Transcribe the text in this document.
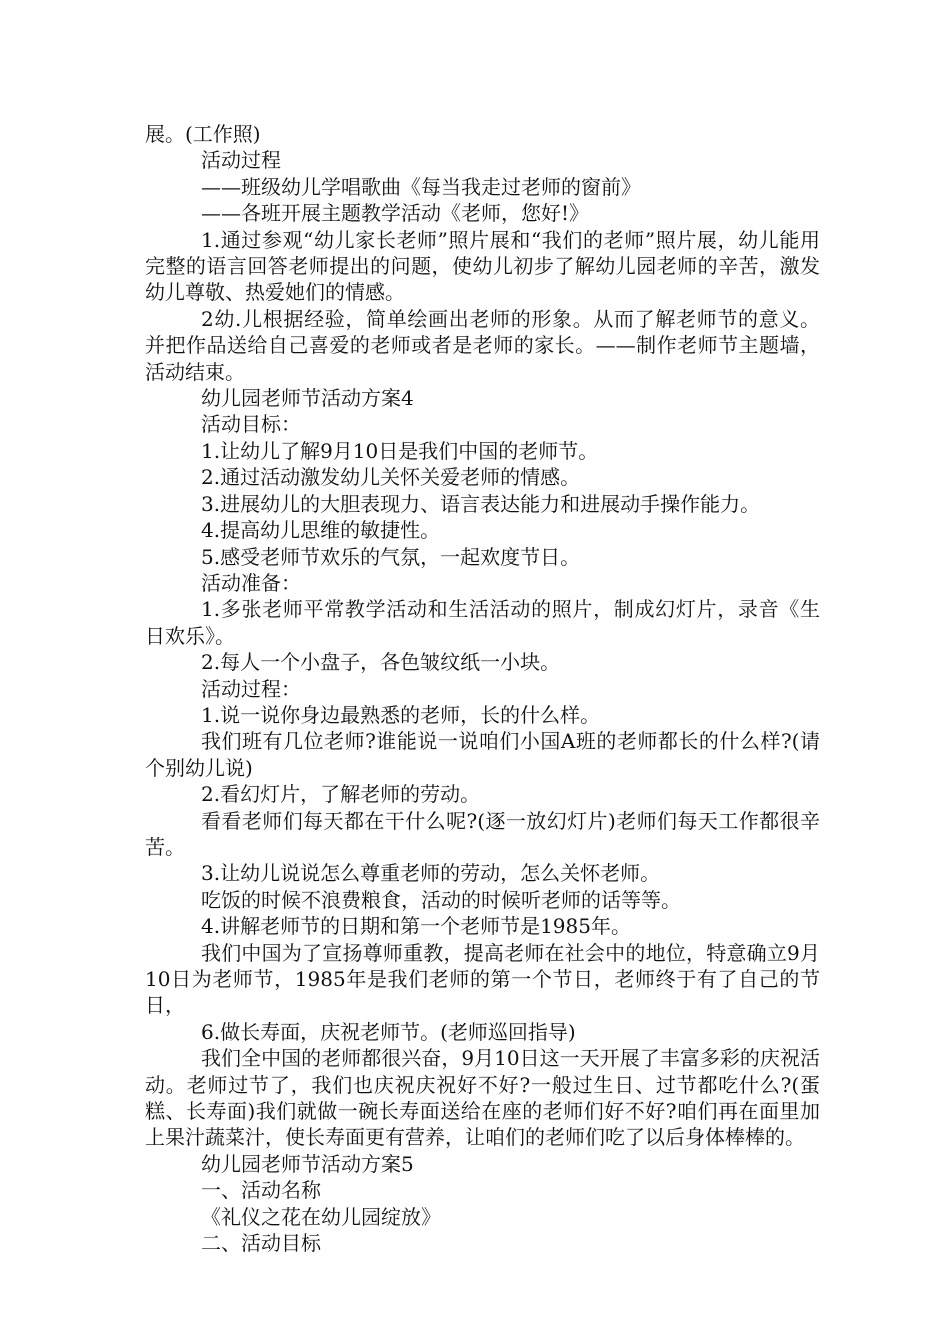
展。(工作照)

活动过程

——班级幼儿学唱歌曲《每当我走过老师的窗前》

——各班开展主题教学活动《老师，您好!》

1.通过参观“幼儿家长老师”照片展和“我们的老师”照片展，幼儿能用完整的语言回答老师提出的问题，使幼儿初步了解幼儿园老师的辛苦，激发幼儿尊敬、热爱她们的情感。

2幼.儿根据经验，简单绘画出老师的形象。从而了解老师节的意义。并把作品送给自己喜爱的老师或者是老师的家长。——制作老师节主题墙，活动结束。

幼儿园老师节活动方案4

活动目标：

1.让幼儿了解9月10日是我们中国的老师节。

2.通过活动激发幼儿关怀关爱老师的情感。

3.进展幼儿的大胆表现力、语言表达能力和进展动手操作能力。

4.提高幼儿思维的敏捷性。

5.感受老师节欢乐的气氛，一起欢度节日。

活动准备：

1.多张老师平常教学活动和生活活动的照片，制成幻灯片，录音《生日欢乐》。

2.每人一个小盘子，各色皱纹纸一小块。

活动过程：

1.说一说你身边最熟悉的老师，长的什么样。

我们班有几位老师?谁能说一说咱们小国A班的老师都长的什么样?(请个别幼儿说)

2.看幻灯片，了解老师的劳动。

看看老师们每天都在干什么呢?(逐一放幻灯片)老师们每天工作都很辛苦。

3.让幼儿说说怎么尊重老师的劳动，怎么关怀老师。

吃饭的时候不浪费粮食，活动的时候听老师的话等等。

4.讲解老师节的日期和第一个老师节是1985年。

我们中国为了宣扬尊师重教，提高老师在社会中的地位，特意确立9月10日为老师节，1985年是我们老师的第一个节日，老师终于有了自己的节日，

6.做长寿面，庆祝老师节。(老师巡回指导)

我们全中国的老师都很兴奋，9月10日这一天开展了丰富多彩的庆祝活动。老师过节了，我们也庆祝庆祝好不好?一般过生日、过节都吃什么?(蛋糕、长寿面)我们就做一碗长寿面送给在座的老师们好不好?咱们再在面里加上果汁蔬菜汁，使长寿面更有营养，让咱们的老师们吃了以后身体棒棒的。

幼儿园老师节活动方案5

一、活动名称

《礼仪之花在幼儿园绽放》

二、活动目标
